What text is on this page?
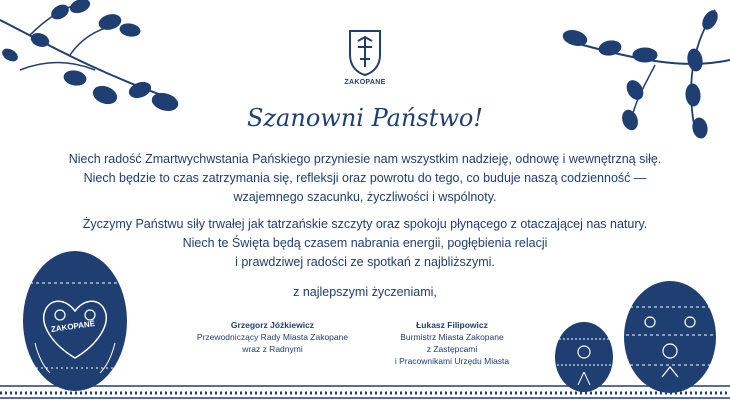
ZAKOPANE
Szanowni Państwo!
Niech radość Zmartwychwstania Pańskiego przyniesie nam wszystkim nadzieję, odnowę i wewnętrzną siłę.
Niech będzie to czas zatrzymania się, refleksji oraz powrotu do tego, co buduje naszą codzienność —
wzajemnego szacunku, życzliwości i wspólnoty.
Życzymy Państwu siły trwałej jak tatrzańskie szczyty oraz spokoju płynącego z otaczającej nas natury.
Niech te Święta będą czasem nabrania energii, pogłębienia relacji
i prawdziwej radości ze spotkań z najbliższymi.
z najlepszymi życzeniami,
Grzegorz Jóźkiewicz
Przewodniczący Rady Miasta Zakopane
wraz z Radnymi
Łukasz Filipowicz
Burmistrz Miasta Zakopane
z Zastępcami
i Pracownikami Urzędu Miasta
ZAKOPANE
